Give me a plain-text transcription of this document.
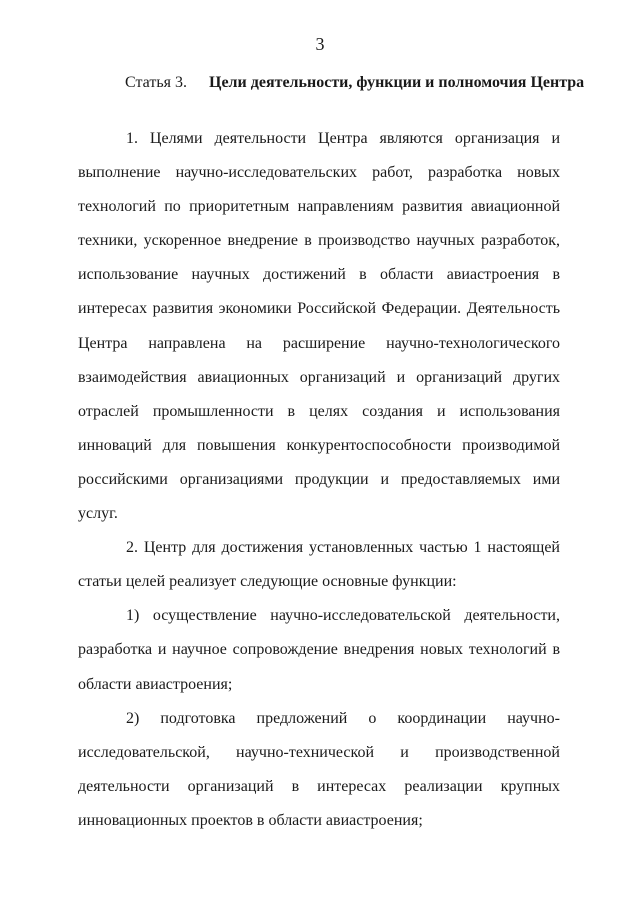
3
Статья 3. Цели деятельности, функции и полномочия Центра

1. Целями деятельности Центра являются организация и выполнение научно-исследовательских работ, разработка новых технологий по приоритетным направлениям развития авиационной техники, ускоренное внедрение в производство научных разработок, использование научных достижений в области авиастроения в интересах развития экономики Российской Федерации. Деятельность Центра направлена на расширение научно-технологического взаимодействия авиационных организаций и организаций других отраслей промышленности в целях создания и использования инноваций для повышения конкурентоспособности производимой российскими организациями продукции и предоставляемых ими услуг.

2. Центр для достижения установленных частью 1 настоящей статьи целей реализует следующие основные функции:

1) осуществление научно-исследовательской деятельности, разработка и научное сопровождение внедрения новых технологий в области авиастроения;

2) подготовка предложений о координации научно-исследовательской, научно-технической и производственной деятельности организаций в интересах реализации крупных инновационных проектов в области авиастроения;
